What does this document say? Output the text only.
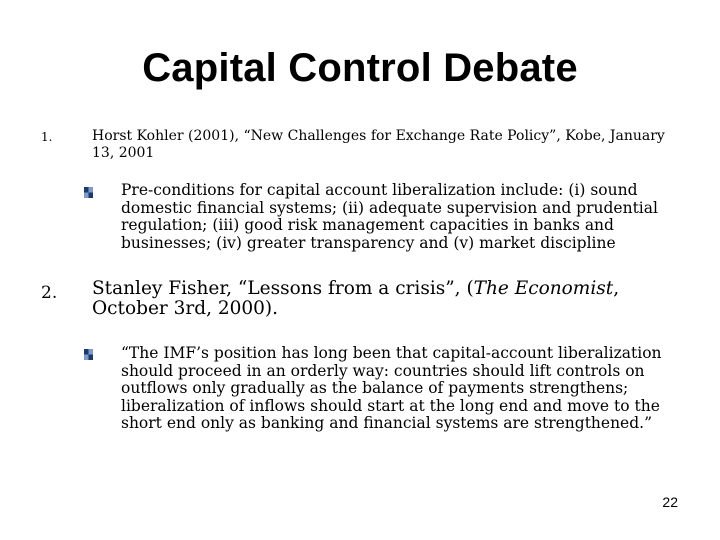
Capital Control Debate
1.	Horst Kohler (2001), “New Challenges for Exchange Rate Policy”, Kobe, January 13, 2001

Pre-conditions for capital account liberalization include: (i) sound domestic financial systems; (ii) adequate supervision and prudential regulation; (iii) good risk management capacities in banks and businesses; (iv) greater transparency and (v) market discipline

2. Stanley Fisher, “Lessons from a crisis”, (The Economist, October 3rd, 2000).

“The IMF’s position has long been that capital-account liberalization should proceed in an orderly way: countries should lift controls on outflows only gradually as the balance of payments strengthens; liberalization of inflows should start at the long end and move to the short end only as banking and financial systems are strengthened.”

22
